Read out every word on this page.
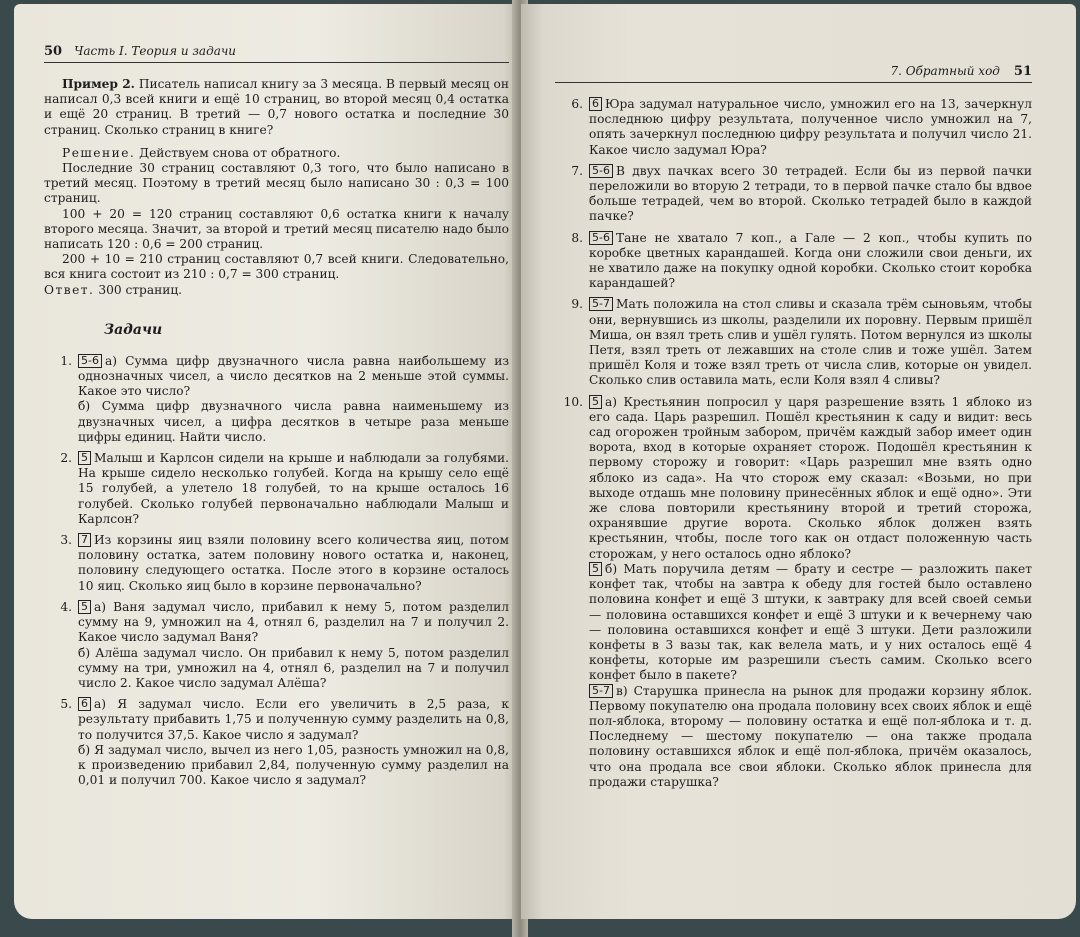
50 Часть I. Теория и задачи

Пример 2. Писатель написал книгу за 3 месяца. В первый месяц он написал 0,3 всей книги и ещё 10 страниц, во второй месяц 0,4 остатка и ещё 20 страниц. В третий — 0,7 нового остатка и последние 30 страниц. Сколько страниц в книге?

Решение. Действуем снова от обратного.

Последние 30 страниц составляют 0,3 того, что было написано в третий месяц. Поэтому в третий месяц было написано 30 : 0,3 = 100 страниц.

100 + 20 = 120 страниц составляют 0,6 остатка книги к началу второго месяца. Значит, за второй и третий месяц писателю надо было написать 120 : 0,6 = 200 страниц.

200 + 10 = 210 страниц составляют 0,7 всей книги. Следовательно, вся книга состоит из 210 : 0,7 = 300 страниц.

Ответ. 300 страниц.

Задачи
1. 5-6 а) Сумма цифр двузначного числа равна наибольшему из однозначных чисел, а число десятков на 2 меньше этой суммы. Какое это число?

б) Сумма цифр двузначного числа равна наименьшему из двузначных чисел, а цифра десятков в четыре раза меньше цифры единиц. Найти число.

2. 5 Малыш и Карлсон сидели на крыше и наблюдали за голубями. На крыше сидело несколько голубей. Когда на крышу село ещё 15 голубей, а улетело 18 голубей, то на крыше осталось 16 голубей. Сколько голубей первоначально наблюдали Малыш и Карлсон?

3. 7 Из корзины яиц взяли половину всего количества яиц, потом половину остатка, затем половину нового остатка и, наконец, половину следующего остатка. После этого в корзине осталось 10 яиц. Сколько яиц было в корзине первоначально?

4. 5 а) Ваня задумал число, прибавил к нему 5, потом разделил сумму на 9, умножил на 4, отнял 6, разделил на 7 и получил 2. Какое число задумал Ваня?

б) Алёша задумал число. Он прибавил к нему 5, потом разделил сумму на три, умножил на 4, отнял 6, разделил на 7 и получил число 2. Какое число задумал Алёша?

5. 6 а) Я задумал число. Если его увеличить в 2,5 раза, к результату прибавить 1,75 и полученную сумму разделить на 0,8, то получится 37,5. Какое число я задумал?

б) Я задумал число, вычел из него 1,05, разность умножил на 0,8, к произведению прибавил 2,84, полученную сумму разделил на 0,01 и получил 700. Какое число я задумал?

7. Обратный ход 51
6. 6 Юра задумал натуральное число, умножил его на 13, зачеркнул последнюю цифру результата, полученное число умножил на 7, опять зачеркнул последнюю цифру результата и получил число 21. Какое число задумал Юра?

7. 5-6 В двух пачках всего 30 тетрадей. Если бы из первой пачки переложили во вторую 2 тетради, то в первой пачке стало бы вдвое больше тетрадей, чем во второй. Сколько тетрадей было в каждой пачке?

8. 5-6 Тане не хватало 7 коп., а Гале — 2 коп., чтобы купить по коробке цветных карандашей. Когда они сложили свои деньги, их не хватило даже на покупку одной коробки. Сколько стоит коробка карандашей?

9. 5-7 Мать положила на стол сливы и сказала трём сыновьям, чтобы они, вернувшись из школы, разделили их поровну. Первым пришёл Миша, он взял треть слив и ушёл гулять. Потом вернулся из школы Петя, взял треть от лежавших на столе слив и тоже ушёл. Затем пришёл Коля и тоже взял треть от числа слив, которые он увидел. Сколько слив оставила мать, если Коля взял 4 сливы?

10. 5 а) Крестьянин попросил у царя разрешение взять 1 яблоко из его сада. Царь разрешил. Пошёл крестьянин к саду и видит: весь сад огорожен тройным забором, причём каждый забор имеет один ворота, вход в которые охраняет сторож. Подошёл крестьянин к первому сторожу и говорит: «Царь разрешил мне взять одно яблоко из сада». На что сторож ему сказал: «Возьми, но при выходе отдашь мне половину принесённых яблок и ещё одно». Эти же слова повторили крестьянину второй и третий сторожа, охранявшие другие ворота. Сколько яблок должен взять крестьянин, чтобы, после того как он отдаст положенную часть сторожам, у него осталось одно яблоко?

5 б) Мать поручила детям — брату и сестре — разложить пакет конфет так, чтобы на завтра к обеду для гостей было оставлено половина конфет и ещё 3 штуки, к завтраку для всей своей семьи — половина оставшихся конфет и ещё 3 штуки и к вечернему чаю — половина оставшихся конфет и ещё 3 штуки. Дети разложили конфеты в 3 вазы так, как велела мать, и у них осталось ещё 4 конфеты, которые им разрешили съесть самим. Сколько всего конфет было в пакете?

5-7 в) Старушка принесла на рынок для продажи корзину яблок. Первому покупателю она продала половину всех своих яблок и ещё пол-яблока, второму — половину остатка и ещё пол-яблока и т. д. Последнему — шестому покупателю — она также продала половину оставшихся яблок и ещё пол-яблока, причём оказалось, что она продала все свои яблоки. Сколько яблок принесла для продажи старушка?
